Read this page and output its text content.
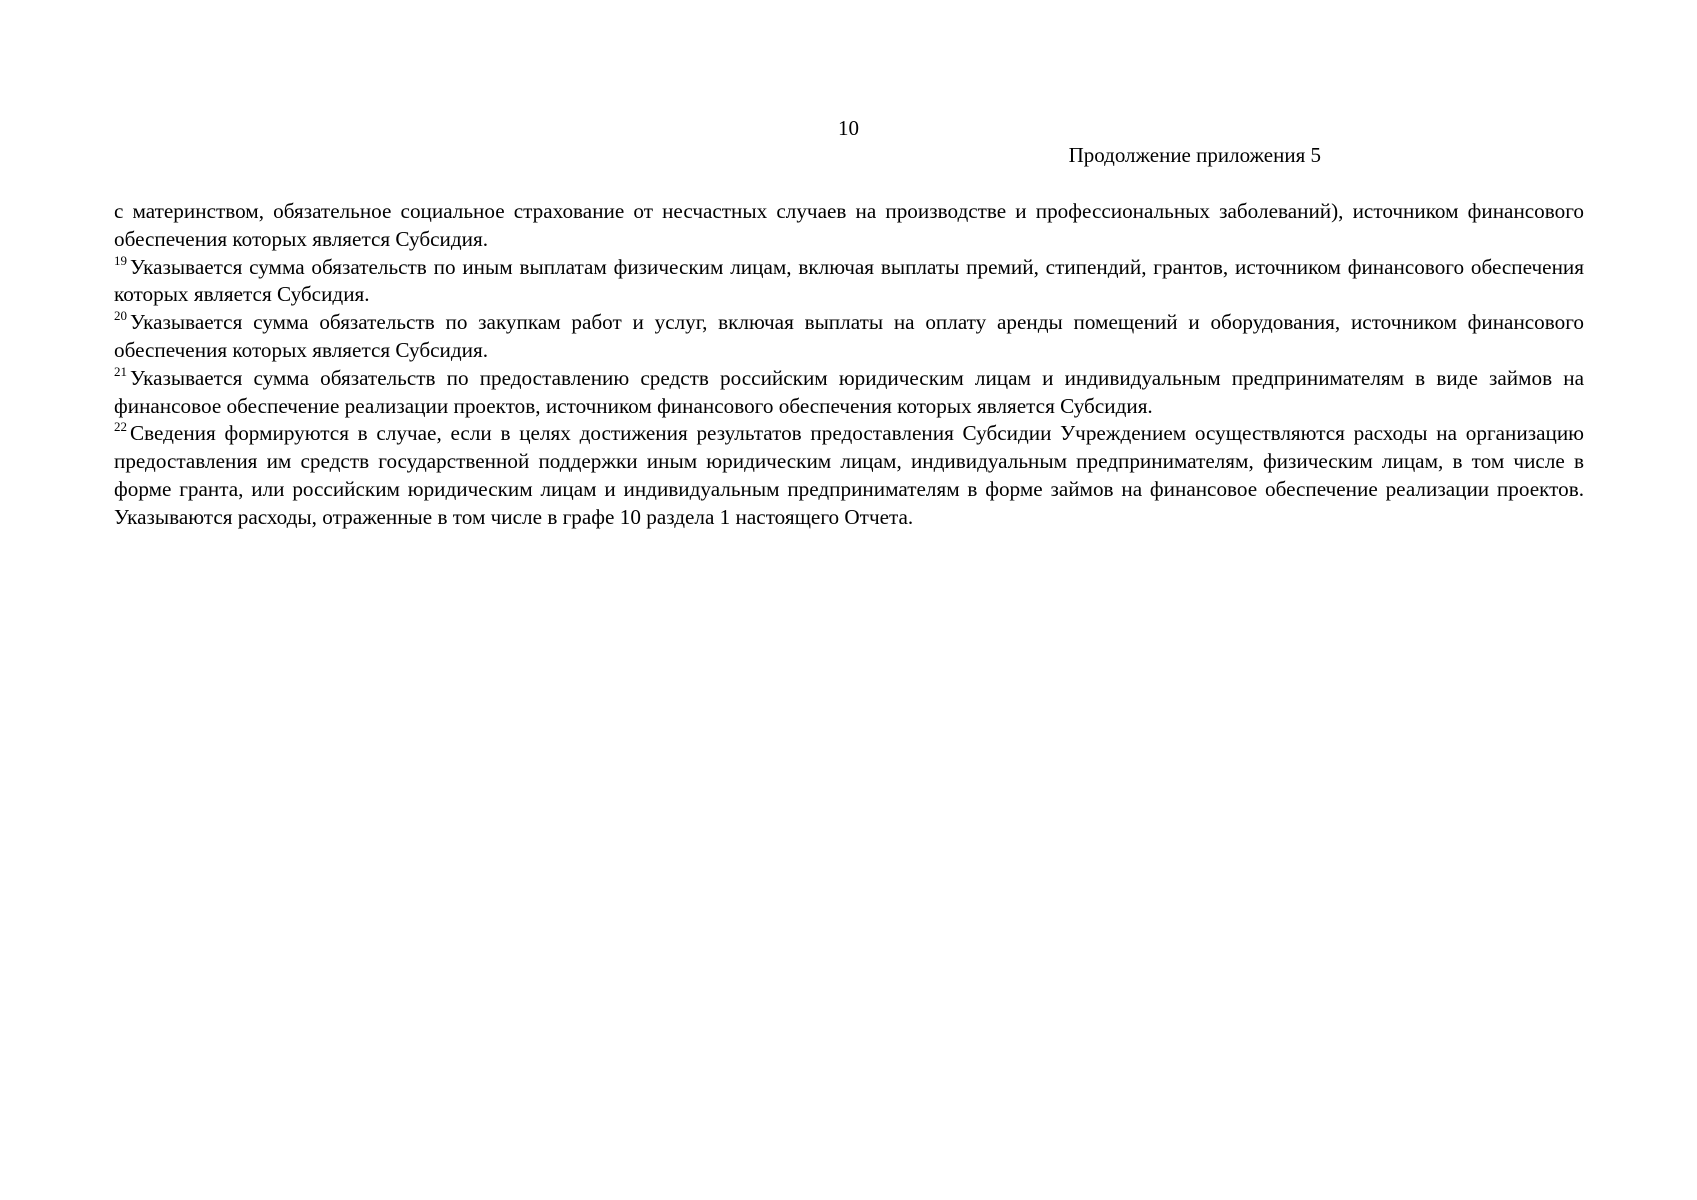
10
Продолжение приложения 5

с материнством, обязательное социальное страхование от несчастных случаев на производстве и профессиональных заболеваний), источником финансового обеспечения которых является Субсидия.

$^{19}$ Указывается сумма обязательств по иным выплатам физическим лицам, включая выплаты премий, стипендий, грантов, источником финансового обеспечения которых является Субсидия.

$^{20}$ Указывается сумма обязательств по закупкам работ и услуг, включая выплаты на оплату аренды помещений и оборудования, источником финансового обеспечения которых является Субсидия.

$^{21}$ Указывается сумма обязательств по предоставлению средств российским юридическим лицам и индивидуальным предпринимателям в виде займов на финансовое обеспечение реализации проектов, источником финансового обеспечения которых является Субсидия.

$^{22}$ Сведения формируются в случае, если в целях достижения результатов предоставления Субсидии Учреждением осуществляются расходы на организацию предоставления им средств государственной поддержки иным юридическим лицам, индивидуальным предпринимателям, физическим лицам, в том числе в форме гранта, или российским юридическим лицам и индивидуальным предпринимателям в форме займов на финансовое обеспечение реализации проектов. Указываются расходы, отраженные в том числе в графе 10 раздела 1 настоящего Отчета.
